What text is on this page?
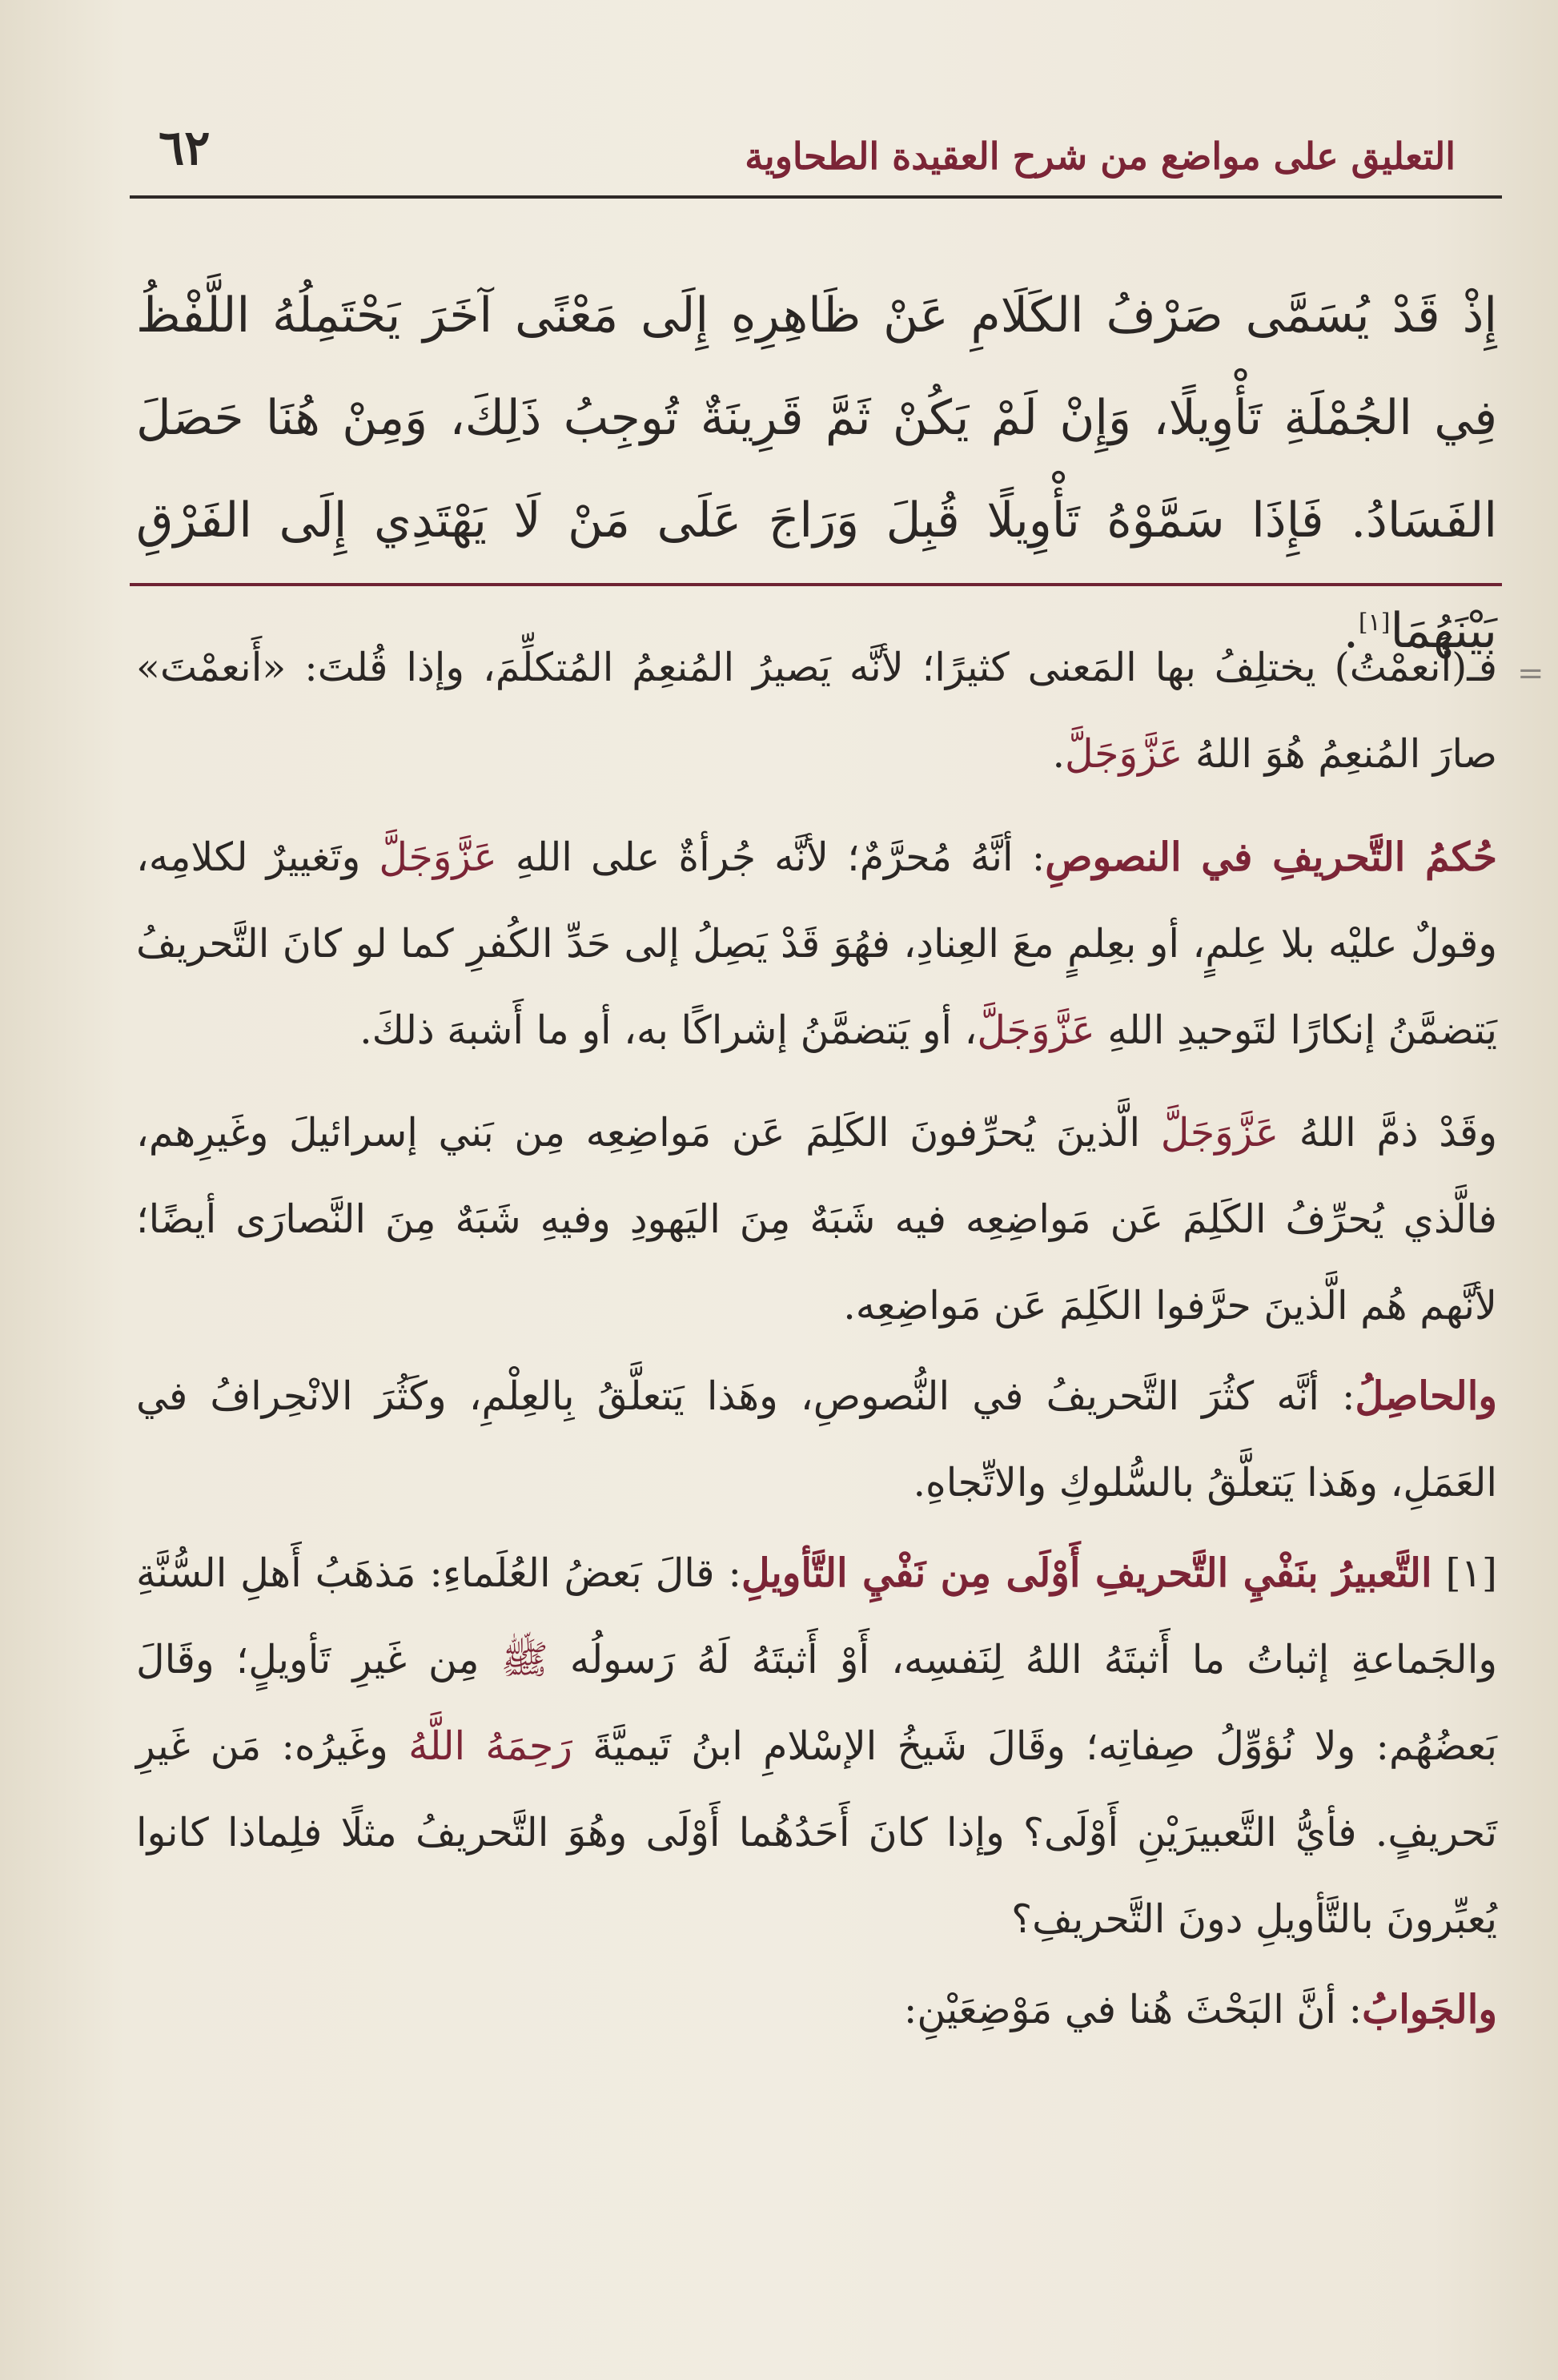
٦٢	التعليق على مواضع من شرح العقيدة الطحاوية
إِذْ قَدْ يُسَمَّى صَرْفُ الكَلَامِ عَنْ ظَاهِرِهِ إِلَى مَعْنًى آخَرَ يَحْتَمِلُهُ اللَّفْظُ فِي الجُمْلَةِ تَأْوِيلًا، وَإِنْ لَمْ يَكُنْ ثَمَّ قَرِينَةٌ تُوجِبُ ذَلِكَ، وَمِنْ هُنَا حَصَلَ الفَسَادُ. فَإِذَا سَمَّوْهُ تَأْوِيلًا قُبِلَ وَرَاجَ عَلَى مَنْ لَا يَهْتَدِي إِلَى الفَرْقِ بَيْنَهُمَا[١].
=

فـ(أَنعمْتُ) يختلِفُ بها المَعنى كثيرًا؛ لأنَّه يَصيرُ المُنعِمُ المُتكلِّمَ، وإذا قُلتَ: «أَنعمْتَ» صارَ المُنعِمُ هُوَ اللهُ عَزَّوَجَلَّ.

حُكمُ التَّحريفِ في النصوصِ: أنَّهُ مُحرَّمٌ؛ لأنَّه جُرأةٌ على اللهِ عَزَّوَجَلَّ وتَغييرٌ لكلامِه، وقولٌ عليْه بلا عِلمٍ، أو بعِلمٍ معَ العِنادِ، فهُوَ قَدْ يَصِلُ إلى حَدِّ الكُفرِ كما لو كانَ التَّحريفُ يَتضمَّنُ إنكارًا لتَوحيدِ اللهِ عَزَّوَجَلَّ، أو يَتضمَّنُ إشراكًا به، أو ما أَشبهَ ذلكَ.

وقَدْ ذمَّ اللهُ عَزَّوَجَلَّ الَّذينَ يُحرِّفونَ الكَلِمَ عَن مَواضِعِه مِن بَني إسرائيلَ وغَيرِهم، فالَّذي يُحرِّفُ الكَلِمَ عَن مَواضِعِه فيه شَبَهٌ مِنَ اليَهودِ وفيهِ شَبَهٌ مِنَ النَّصارَى أيضًا؛ لأنَّهم هُم الَّذينَ حرَّفوا الكَلِمَ عَن مَواضِعِه.

والحاصِلُ: أنَّه كثُرَ التَّحريفُ في النُّصوصِ، وهَذا يَتعلَّقُ بِالعِلْمِ، وكَثُرَ الانْحِرافُ في العَمَلِ، وهَذا يَتعلَّقُ بالسُّلوكِ والاتِّجاهِ.

[١] التَّعبيرُ بنَفْيِ التَّحريفِ أَوْلَى مِن نَفْيِ التَّأويلِ: قالَ بَعضُ العُلَماءِ: مَذهَبُ أَهلِ السُّنَّةِ والجَماعةِ إثباتُ ما أَثبتَهُ اللهُ لِنَفسِه، أَوْ أَثبتَهُ لَهُ رَسولُه ﷺ مِن غَيرِ تَأويلٍ؛ وقَالَ بَعضُهُم: ولا نُؤوِّلُ صِفاتِه؛ وقَالَ شَيخُ الإسْلامِ ابنُ تَيميَّةَ رَحِمَهُ اللَّهُ وغَيرُه: مَن غَيرِ تَحريفٍ. فأيُّ التَّعبيرَيْنِ أَوْلَى؟ وإذا كانَ أَحَدُهُما أَوْلَى وهُوَ التَّحريفُ مثلًا فلِماذا كانوا يُعبِّرونَ بالتَّأويلِ دونَ التَّحريفِ؟

والجَوابُ: أنَّ البَحْثَ هُنا في مَوْضِعَيْنِ:
